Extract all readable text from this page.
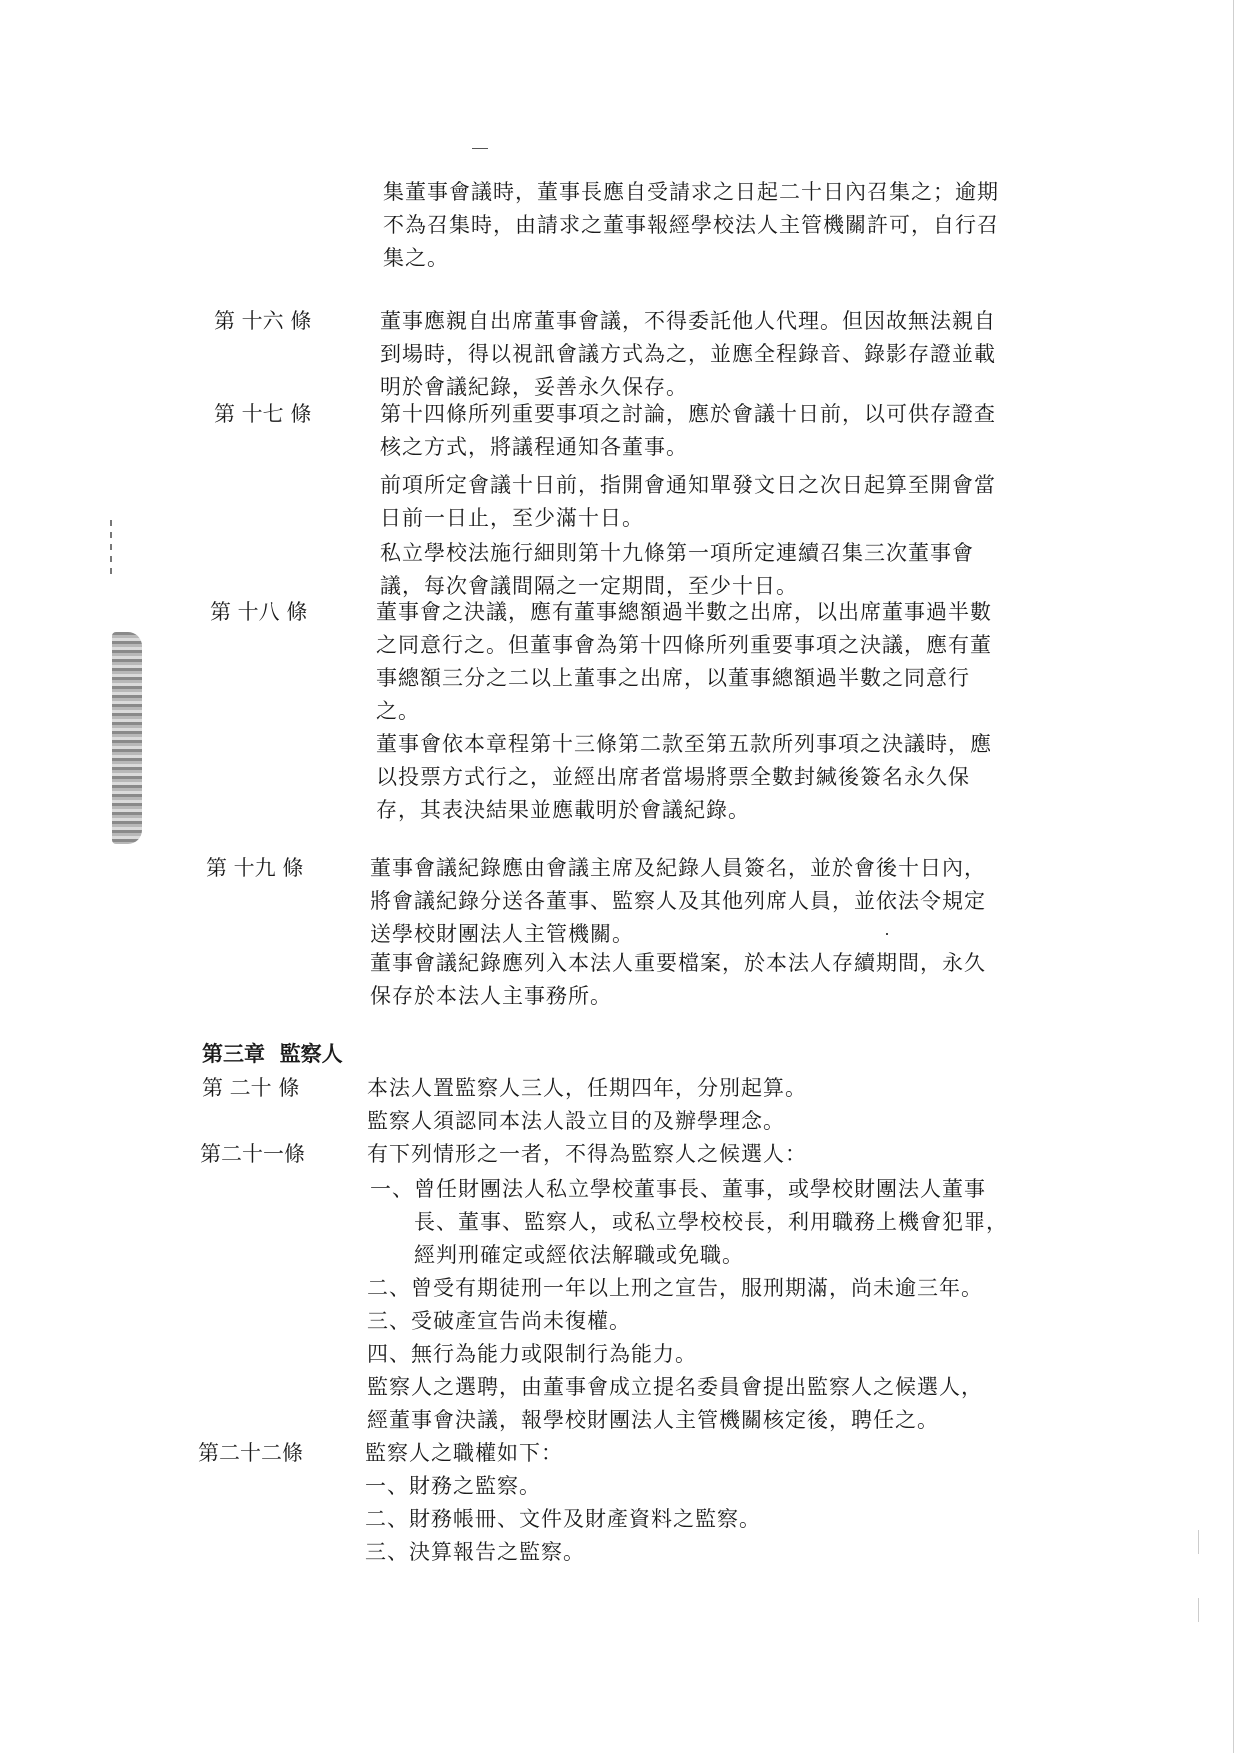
集董事會議時，董事長應自受請求之日起二十日內召集之；逾期
不為召集時，由請求之董事報經學校法人主管機關許可，自行召
集之。
第 十六 條	董事應親自出席董事會議，不得委託他人代理。但因故無法親自
到場時，得以視訊會議方式為之，並應全程錄音、錄影存證並載
明於會議紀錄，妥善永久保存。
第 十七 條	第十四條所列重要事項之討論，應於會議十日前，以可供存證查
核之方式，將議程通知各董事。
前項所定會議十日前，指開會通知單發文日之次日起算至開會當
日前一日止，至少滿十日。
私立學校法施行細則第十九條第一項所定連續召集三次董事會
議，每次會議間隔之一定期間，至少十日。
第 十八 條	董事會之決議，應有董事總額過半數之出席，以出席董事過半數
之同意行之。但董事會為第十四條所列重要事項之決議，應有董
事總額三分之二以上董事之出席，以董事總額過半數之同意行
之。
董事會依本章程第十三條第二款至第五款所列事項之決議時，應
以投票方式行之，並經出席者當場將票全數封緘後簽名永久保
存，其表決結果並應載明於會議紀錄。
第 十九 條	董事會議紀錄應由會議主席及紀錄人員簽名，並於會後十日內，
將會議紀錄分送各董事、監察人及其他列席人員，並依法令規定
送學校財團法人主管機關。
董事會議紀錄應列入本法人重要檔案，於本法人存續期間，永久
保存於本法人主事務所。
第三章  監察人
第 二十 條	本法人置監察人三人，任期四年，分別起算。
監察人須認同本法人設立目的及辦學理念。
第二十一條	有下列情形之一者，不得為監察人之候選人：
一、曾任財團法人私立學校董事長、董事，或學校財團法人董事
長、董事、監察人，或私立學校校長，利用職務上機會犯罪，
經判刑確定或經依法解職或免職。
二、曾受有期徒刑一年以上刑之宣告，服刑期滿，尚未逾三年。
三、受破產宣告尚未復權。
四、無行為能力或限制行為能力。
監察人之選聘，由董事會成立提名委員會提出監察人之候選人，
經董事會決議，報學校財團法人主管機關核定後，聘任之。
第二十二條	監察人之職權如下：
一、財務之監察。
二、財務帳冊、文件及財產資料之監察。
三、決算報告之監察。
